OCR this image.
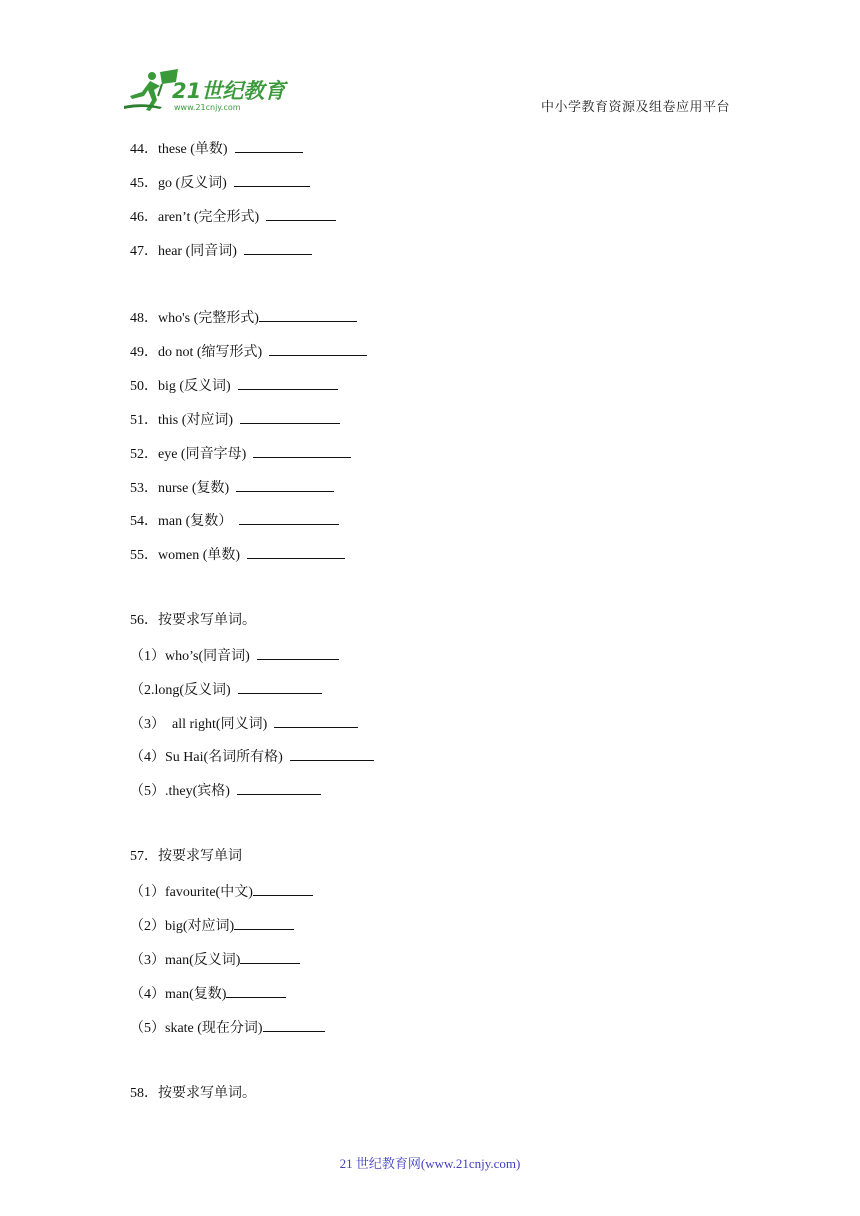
21世纪教育
www.21cnjy.com	中小学教育资源及组卷应用平台
44．these (单数)
45．go (反义词)
46．aren’t (完全形式)
47．hear (同音词)
48．who's (完整形式)
49．do not (缩写形式)
50．big (反义词)
51．this (对应词)
52．eye (同音字母)
53．nurse (复数)
54．man (复数）
55．women (单数)
56．按要求写单词。
（1）who’s(同音词)
（2.long(反义词)
（3）  all right(同义词)
（4）Su Hai(名词所有格)
（5）.they(宾格)
57．按要求写单词
（1）favourite(中文)
（2）big(对应词)
（3）man(反义词)
（4）man(复数)
（5）skate (现在分词)
58．按要求写单词。
21 世纪教育网(www.21cnjy.com)
